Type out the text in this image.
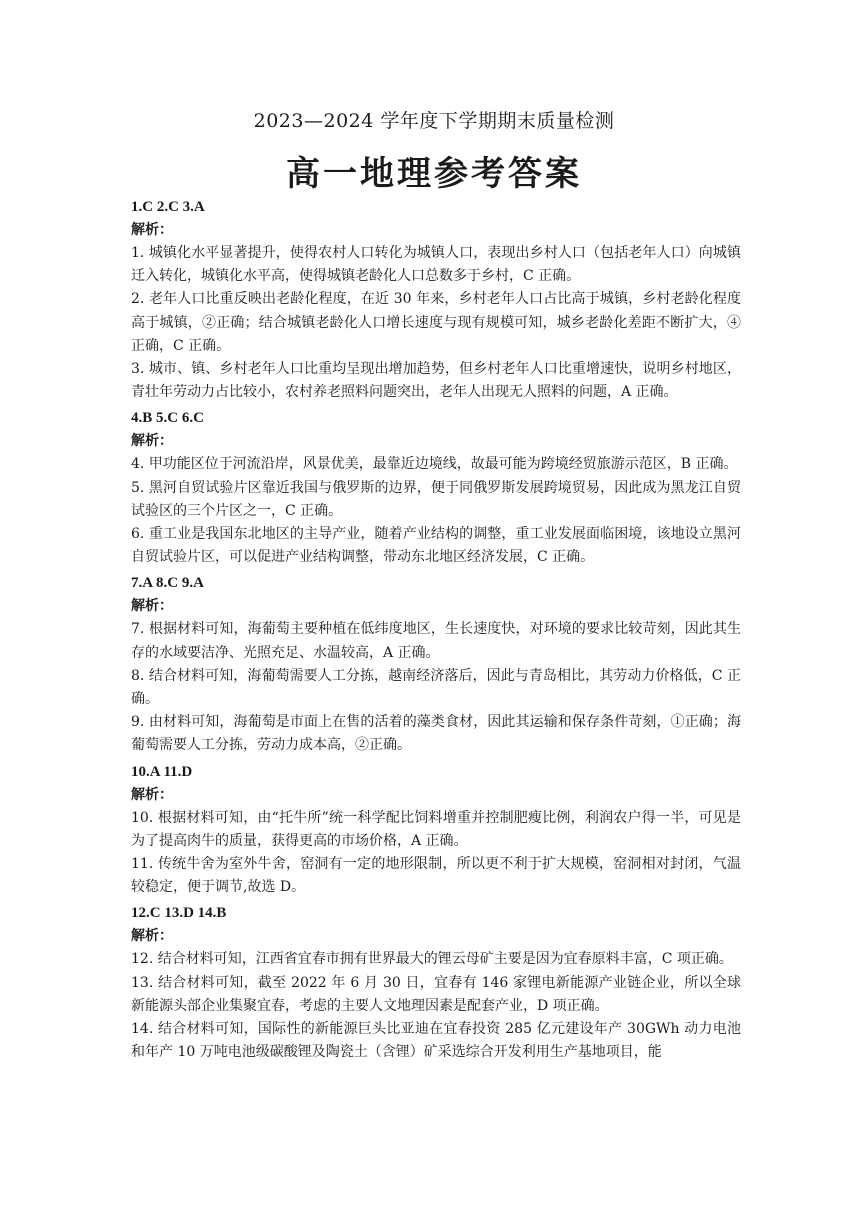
2023—2024 学年度下学期期末质量检测
高一地理参考答案
1.C 2.C 3.A
解析：
1. 城镇化水平显著提升，使得农村人口转化为城镇人口，表现出乡村人口（包括老年人口）向城镇迁入转化，城镇化水平高，使得城镇老龄化人口总数多于乡村，C 正确。
2. 老年人口比重反映出老龄化程度，在近 30 年来，乡村老年人口占比高于城镇，乡村老龄化程度高于城镇，②正确；结合城镇老龄化人口增长速度与现有规模可知，城乡老龄化差距不断扩大，④正确，C 正确。
3. 城市、镇、乡村老年人口比重均呈现出增加趋势，但乡村老年人口比重增速快，说明乡村地区，青壮年劳动力占比较小，农村养老照料问题突出，老年人出现无人照料的问题，A 正确。
4.B 5.C 6.C
解析：
4. 甲功能区位于河流沿岸，风景优美，最靠近边境线，故最可能为跨境经贸旅游示范区，B 正确。
5. 黑河自贸试验片区靠近我国与俄罗斯的边界，便于同俄罗斯发展跨境贸易，因此成为黑龙江自贸试验区的三个片区之一，C 正确。
6. 重工业是我国东北地区的主导产业，随着产业结构的调整，重工业发展面临困境，该地设立黑河自贸试验片区，可以促进产业结构调整，带动东北地区经济发展，C 正确。
7.A 8.C 9.A
解析：
7. 根据材料可知，海葡萄主要种植在低纬度地区，生长速度快，对环境的要求比较苛刻，因此其生存的水域要洁净、光照充足、水温较高，A 正确。
8. 结合材料可知，海葡萄需要人工分拣，越南经济落后，因此与青岛相比，其劳动力价格低，C 正确。
9. 由材料可知，海葡萄是市面上在售的活着的藻类食材，因此其运输和保存条件苛刻，①正确；海葡萄需要人工分拣，劳动力成本高，②正确。
10.A 11.D
解析：
10. 根据材料可知，由“托牛所”统一科学配比饲料增重并控制肥瘦比例，利润农户得一半，可见是为了提高肉牛的质量，获得更高的市场价格，A 正确。
11. 传统牛舍为室外牛舍，窑洞有一定的地形限制，所以更不利于扩大规模，窑洞相对封闭，气温较稳定，便于调节,故选 D。
12.C 13.D 14.B
解析：
12. 结合材料可知，江西省宜春市拥有世界最大的锂云母矿主要是因为宜春原料丰富，C 项正确。
13. 结合材料可知，截至 2022 年 6 月 30 日，宜春有 146 家锂电新能源产业链企业，所以全球新能源头部企业集聚宜春，考虑的主要人文地理因素是配套产业，D 项正确。
14. 结合材料可知，国际性的新能源巨头比亚迪在宜春投资 285 亿元建设年产 30GWh 动力电池和年产 10 万吨电池级碳酸锂及陶瓷土（含锂）矿采选综合开发利用生产基地项目，能
